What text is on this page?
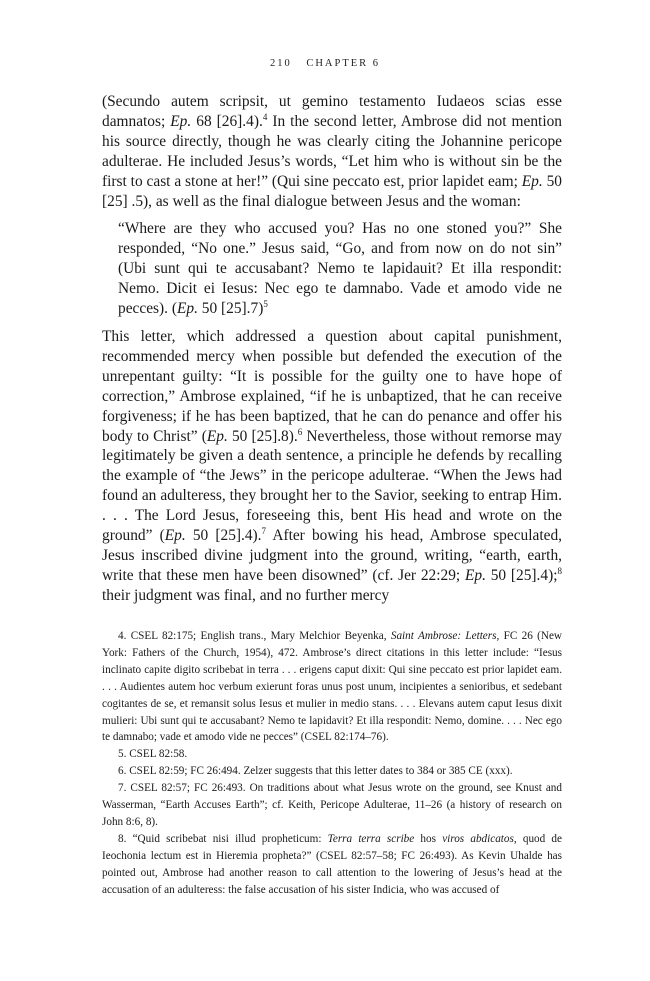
210 CHAPTER 6

(Secundo autem scripsit, ut gemino testamento Iudaeos scias esse damnatos; Ep. 68 [26].4).$^4$ In the second letter, Ambrose did not mention his source directly, though he was clearly citing the Johannine pericope adulterae. He included Jesus’s words, “Let him who is without sin be the first to cast a stone at her!” (Qui sine peccato est, prior lapidet eam; Ep. 50 [25] .5), as well as the final dialogue between Jesus and the woman:

“Where are they who accused you? Has no one stoned you?” She responded, “No one.” Jesus said, “Go, and from now on do not sin” (Ubi sunt qui te accusabant? Nemo te lapidauit? Et illa respondit: Nemo. Dicit ei Iesus: Nec ego te damnabo. Vade et amodo vide ne pecces). (Ep. 50 [25].7)$^5$

This letter, which addressed a question about capital punishment, recommended mercy when possible but defended the execution of the unrepentant guilty: “It is possible for the guilty one to have hope of correction,” Ambrose explained, “if he is unbaptized, that he can receive forgiveness; if he has been baptized, that he can do penance and offer his body to Christ” (Ep. 50 [25].8).$^6$ Nevertheless, those without remorse may legitimately be given a death sentence, a principle he defends by recalling the example of “the Jews” in the pericope adulterae. “When the Jews had found an adulteress, they brought her to the Savior, seeking to entrap Him. . . . The Lord Jesus, foreseeing this, bent His head and wrote on the ground” (Ep. 50 [25].4).$^7$ After bowing his head, Ambrose speculated, Jesus inscribed divine judgment into the ground, writing, “earth, earth, write that these men have been disowned” (cf. Jer 22:29; Ep. 50 [25].4);$^8$ their judgment was final, and no further mercy

4. CSEL 82:175; English trans., Mary Melchior Beyenka, Saint Ambrose: Letters, FC 26 (New York: Fathers of the Church, 1954), 472. Ambrose’s direct citations in this letter include: “Iesus inclinato capite digito scribebat in terra . . . erigens caput dixit: Qui sine peccato est prior lapidet eam. . . . Audientes autem hoc verbum exierunt foras unus post unum, incipientes a senioribus, et sedebant cogitantes de se, et remansit solus Iesus et mulier in medio stans. . . . Elevans autem caput Iesus dixit mulieri: Ubi sunt qui te accusabant? Nemo te lapidavit? Et illa respondit: Nemo, domine. . . . Nec ego te damnabo; vade et amodo vide ne pecces” (CSEL 82:174–76).

5. CSEL 82:58.

6. CSEL 82:59; FC 26:494. Zelzer suggests that this letter dates to 384 or 385 CE (xxx).

7. CSEL 82:57; FC 26:493. On traditions about what Jesus wrote on the ground, see Knust and Wasserman, “Earth Accuses Earth”; cf. Keith, Pericope Adulterae, 11–26 (a history of research on John 8:6, 8).

8. “Quid scribebat nisi illud propheticum: Terra terra scribe hos viros abdicatos, quod de Ieochonia lectum est in Hieremia propheta?” (CSEL 82:57–58; FC 26:493). As Kevin Uhalde has pointed out, Ambrose had another reason to call attention to the lowering of Jesus’s head at the accusation of an adulteress: the false accusation of his sister Indicia, who was accused of
